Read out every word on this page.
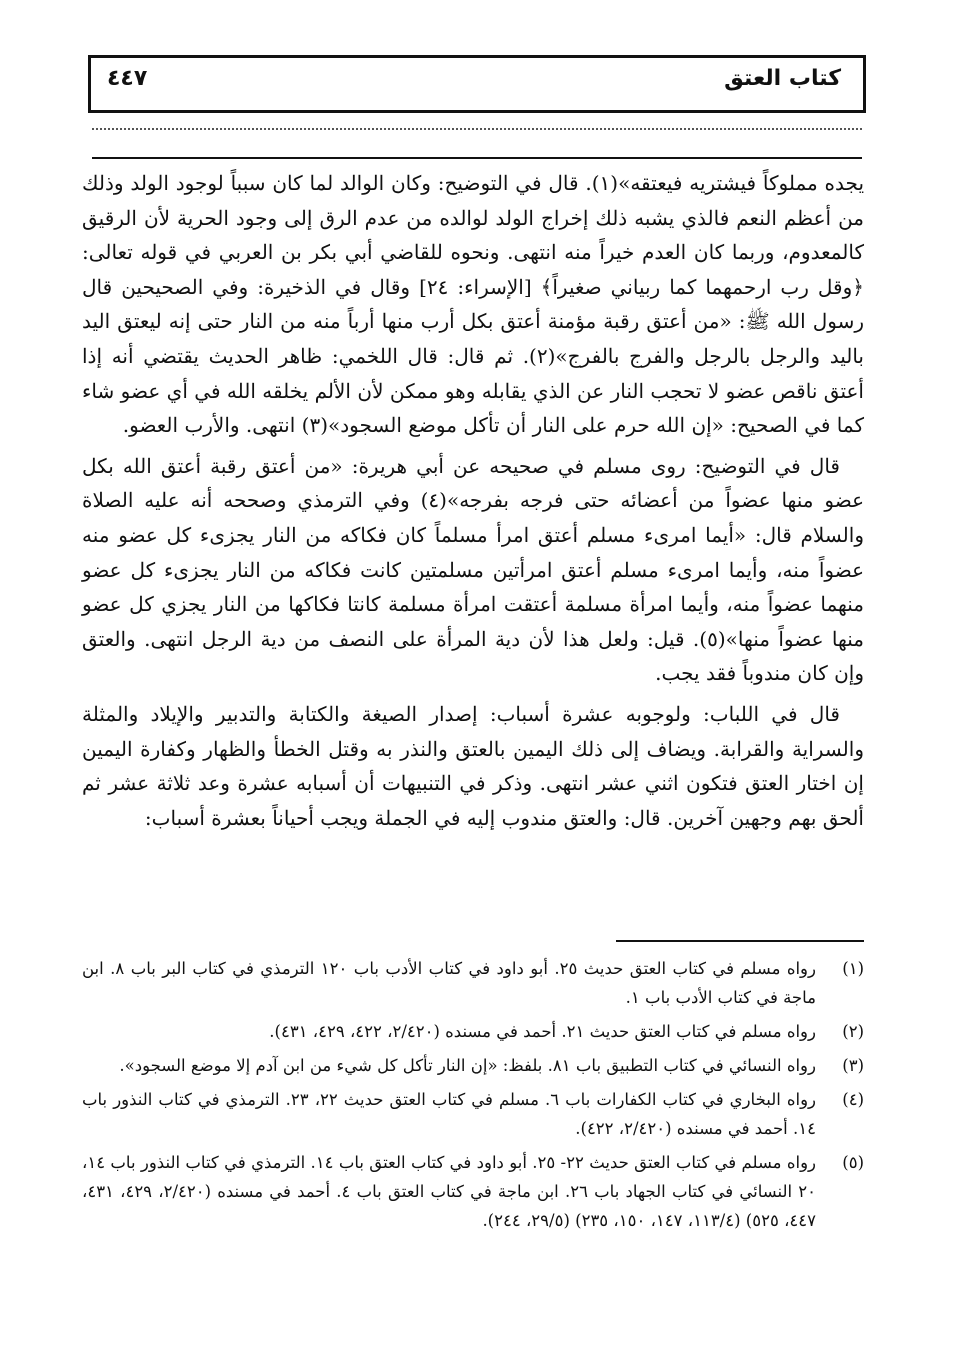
كتاب العتق
٤٤٧

يجده مملوكاً فيشتريه فيعتقه»(١). قال في التوضيح: وكان الوالد لما كان سبباً لوجود الولد وذلك من أعظم النعم فالذي يشبه ذلك إخراج الولد لوالده من عدم الرق إلى وجود الحرية لأن الرقيق كالمعدوم، وربما كان العدم خيراً منه انتهى. ونحوه للقاضي أبي بكر بن العربي في قوله تعالى: ﴿وقل رب ارحمهما كما ربياني صغيراً﴾ [الإسراء: ٢٤] وقال في الذخيرة: وفي الصحيحين قال رسول الله ﷺ: «من أعتق رقبة مؤمنة أعتق بكل أرب منها أرباً منه من النار حتى إنه ليعتق اليد باليد والرجل بالرجل والفرج بالفرج»(٢). ثم قال: قال اللخمي: ظاهر الحديث يقتضي أنه إذا أعتق ناقص عضو لا تحجب النار عن الذي يقابله وهو ممكن لأن الألم يخلقه الله في أي عضو شاء كما في الصحيح: «إن الله حرم على النار أن تأكل موضع السجود»(٣) انتهى. والأرب العضو.

قال في التوضيح: روى مسلم في صحيحه عن أبي هريرة: «من أعتق رقبة أعتق الله بكل عضو منها عضواً من أعضائه حتى فرجه بفرجه»(٤) وفي الترمذي وصححه أنه عليه الصلاة والسلام قال: «أيما امرىء مسلم أعتق امرأ مسلماً كان فكاكه من النار يجزىء كل عضو منه عضواً منه، وأيما امرىء مسلم أعتق امرأتين مسلمتين كانت فكاكه من النار يجزىء كل عضو منهما عضواً منه، وأيما امرأة مسلمة أعتقت امرأة مسلمة كانتا فكاكها من النار يجزي كل عضو منها عضواً منها»(٥). قيل: ولعل هذا لأن دية المرأة على النصف من دية الرجل انتهى. والعتق وإن كان مندوباً فقد يجب.

قال في اللباب: ولوجوبه عشرة أسباب: إصدار الصيغة والكتابة والتدبير والإيلاد والمثلة والسراية والقرابة. ويضاف إلى ذلك اليمين بالعتق والنذر به وقتل الخطأ والظهار وكفارة اليمين إن اختار العتق فتكون اثني عشر انتهى. وذكر في التنبيهات أن أسبابه عشرة وعد ثلاثة عشر ثم ألحق بهم وجهين آخرين. قال: والعتق مندوب إليه في الجملة ويجب أحياناً بعشرة أسباب:

(١)
رواه مسلم في كتاب العتق حديث ٢٥. أبو داود في كتاب الأدب باب ١٢٠ الترمذي في كتاب البر باب ٨. ابن ماجة في كتاب الأدب باب ١.
(٢)
رواه مسلم في كتاب العتق حديث ٢١. أحمد في مسنده (٢/٤٢٠، ٤٢٢، ٤٢٩، ٤٣١).
(٣)
رواه النسائي في كتاب التطبيق باب ٨١. بلفظ: «إن النار تأكل كل شيء من ابن آدم إلا موضع السجود».
(٤)
رواه البخاري في كتاب الكفارات باب ٦. مسلم في كتاب العتق حديث ٢٢، ٢٣. الترمذي في كتاب النذور باب ١٤. أحمد في مسنده (٢/٤٢٠، ٤٢٢).
(٥)
رواه مسلم في كتاب العتق حديث ٢٢- ٢٥. أبو داود في كتاب العتق باب ١٤. الترمذي في كتاب النذور باب ١٤، ٢٠ النسائي في كتاب الجهاد باب ٢٦. ابن ماجة في كتاب العتق باب ٤. أحمد في مسنده (٢/٤٢٠، ٤٢٩، ٤٣١، ٤٤٧، ٥٢٥) (١١٣/٤، ١٤٧، ١٥٠، ٢٣٥) (٢٩/٥، ٢٤٤).
